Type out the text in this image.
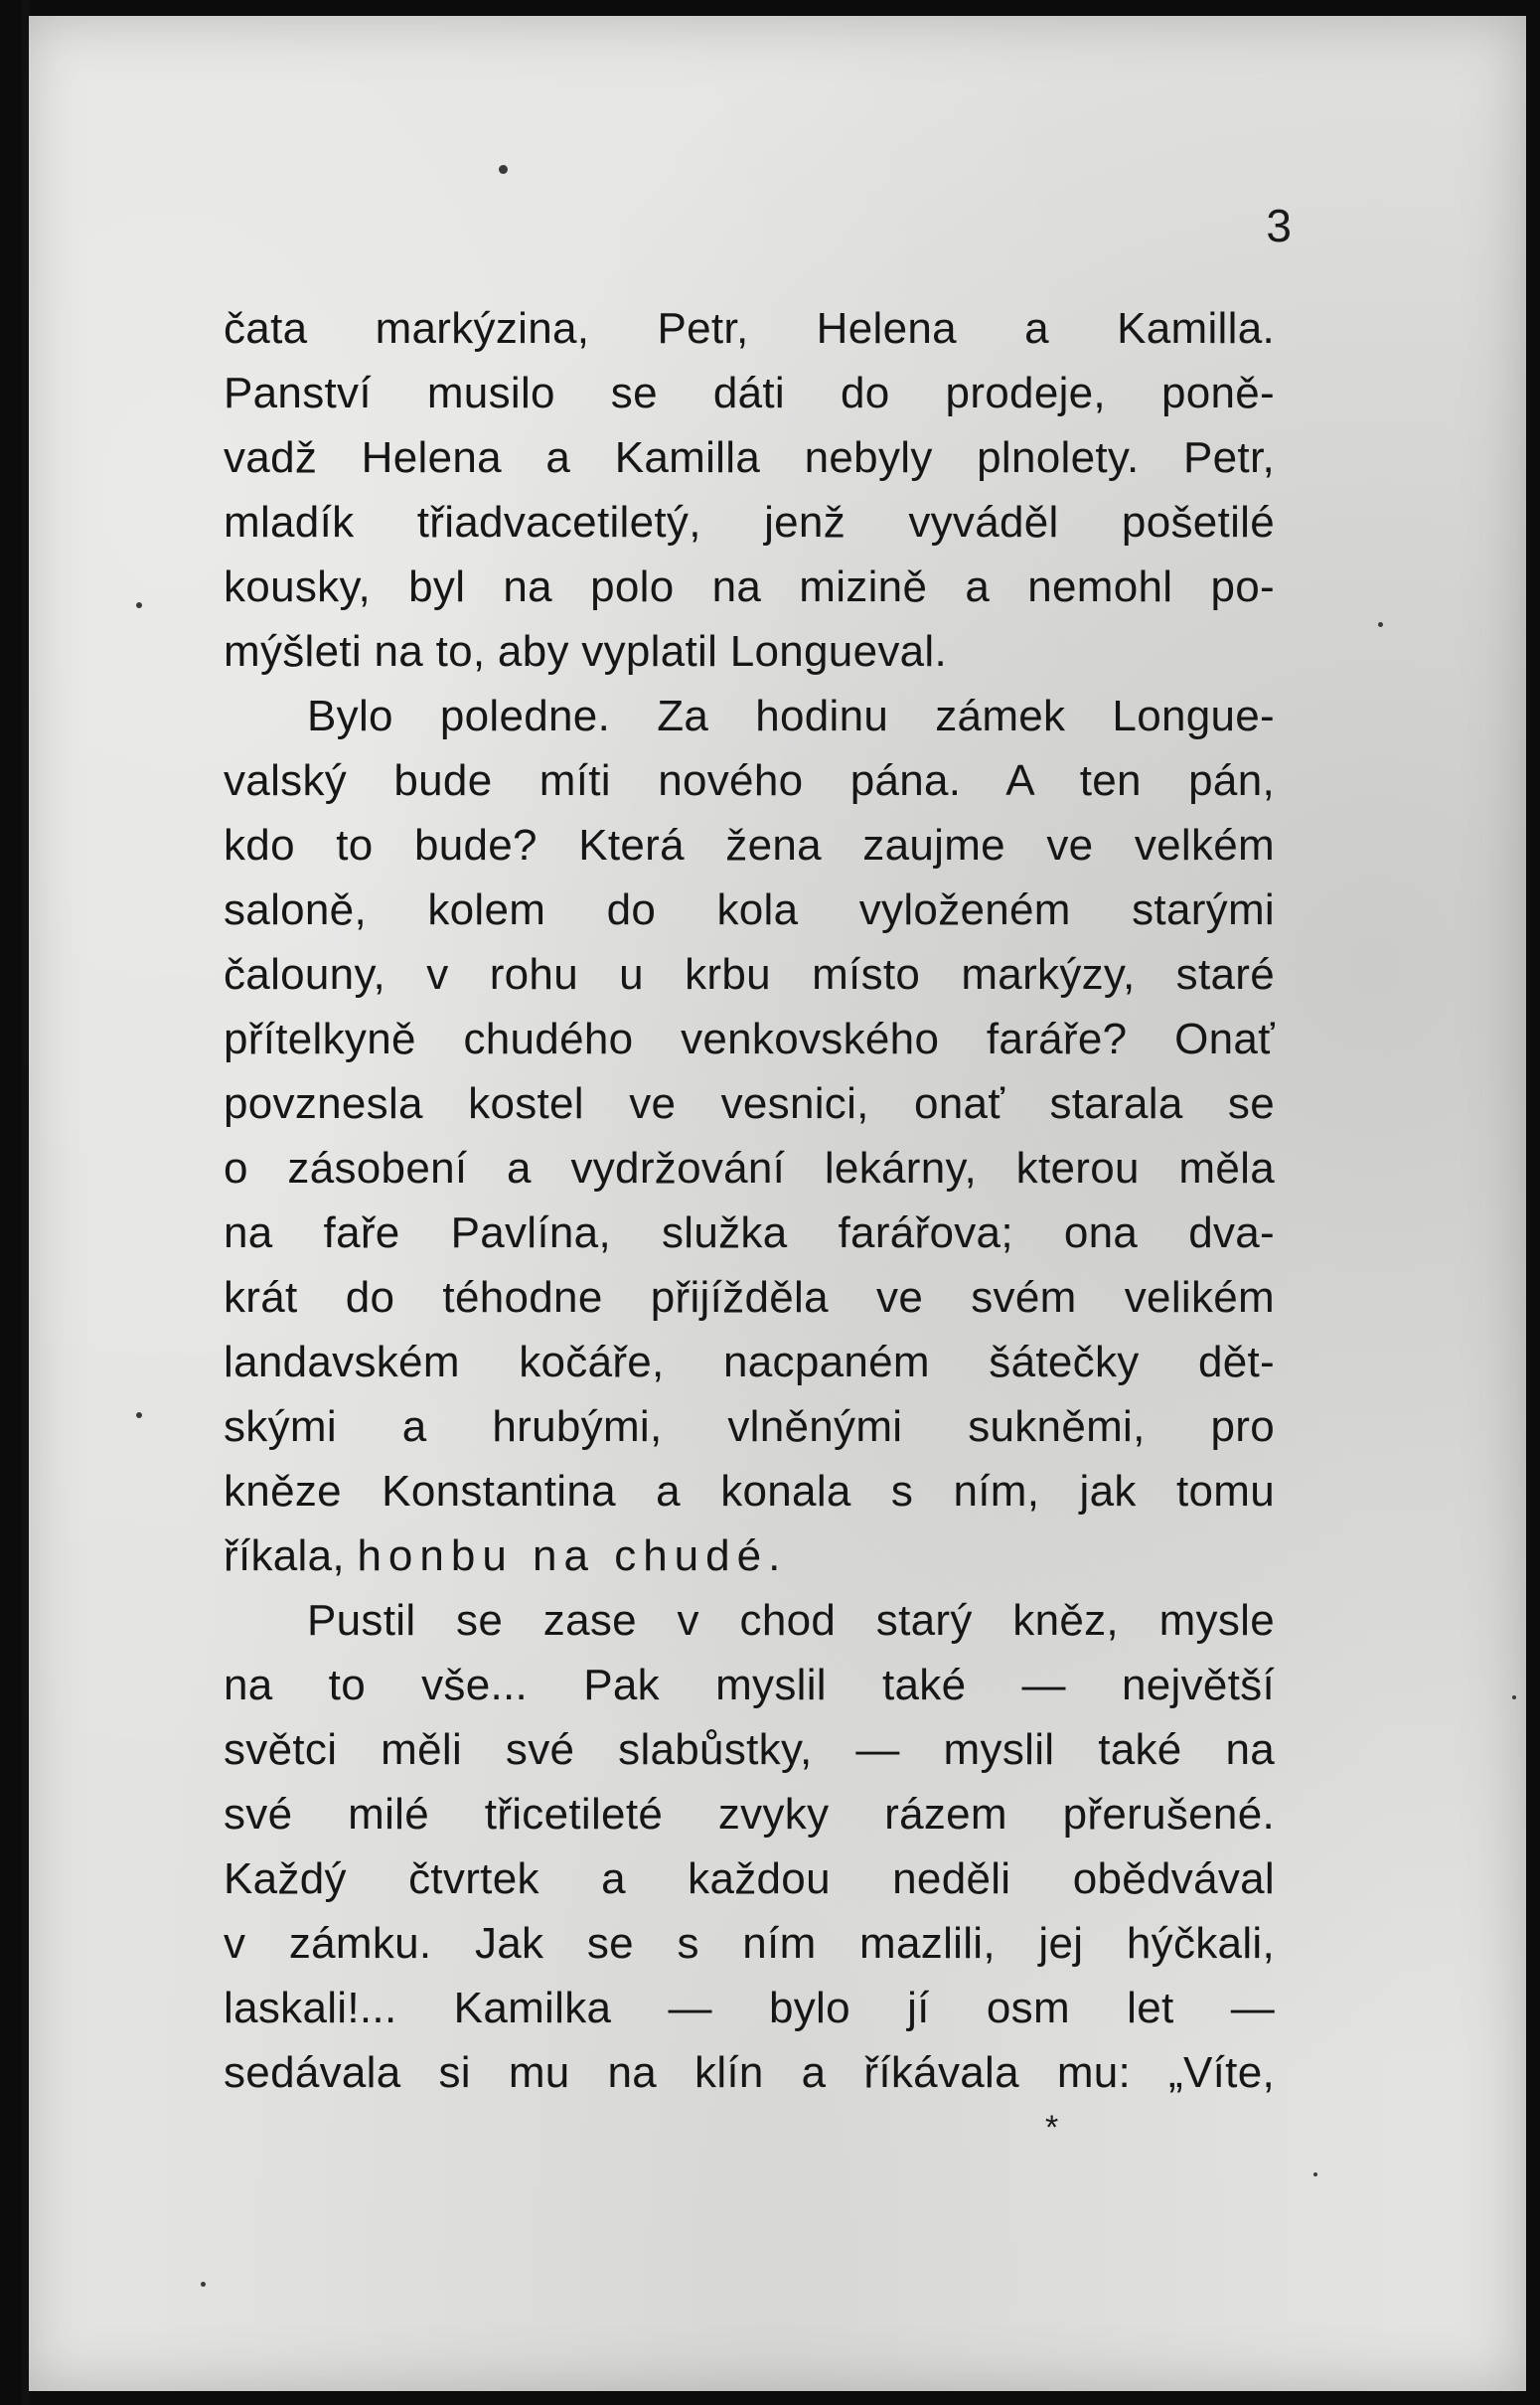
3
čata markýzina, Petr, Helena a Kamilla.
Panství musilo se dáti do prodeje, poně-
vadž Helena a Kamilla nebyly plnolety. Petr,
mladík třiadvacetiletý, jenž vyváděl pošetilé
kousky, byl na polo na mizině a nemohl po-
mýšleti na to, aby vyplatil Longueval.
Bylo poledne. Za hodinu zámek Longue-
valský bude míti nového pána. A ten pán,
kdo to bude? Která žena zaujme ve velkém
saloně, kolem do kola vyloženém starými
čalouny, v rohu u krbu místo markýzy, staré
přítelkyně chudého venkovského faráře? Onať
povznesla kostel ve vesnici, onať starala se
o zásobení a vydržování lekárny, kterou měla
na faře Pavlína, služka farářova; ona dva-
krát do téhodne přijížděla ve svém velikém
landavském kočáře, nacpaném šátečky dět-
skými a hrubými, vlněnými sukněmi, pro
kněze Konstantina a konala s ním, jak tomu
říkala, honbu na chudé.
Pustil se zase v chod starý kněz, mysle
na to vše... Pak myslil také — největší
světci měli své slabůstky, — myslil také na
své milé třicetileté zvyky rázem přerušené.
Každý čtvrtek a každou neděli obědvával
v zámku. Jak se s ním mazlili, jej hýčkali,
laskali!... Kamilka — bylo jí osm let —
sedávala si mu na klín a říkávala mu: „Víte,
*
